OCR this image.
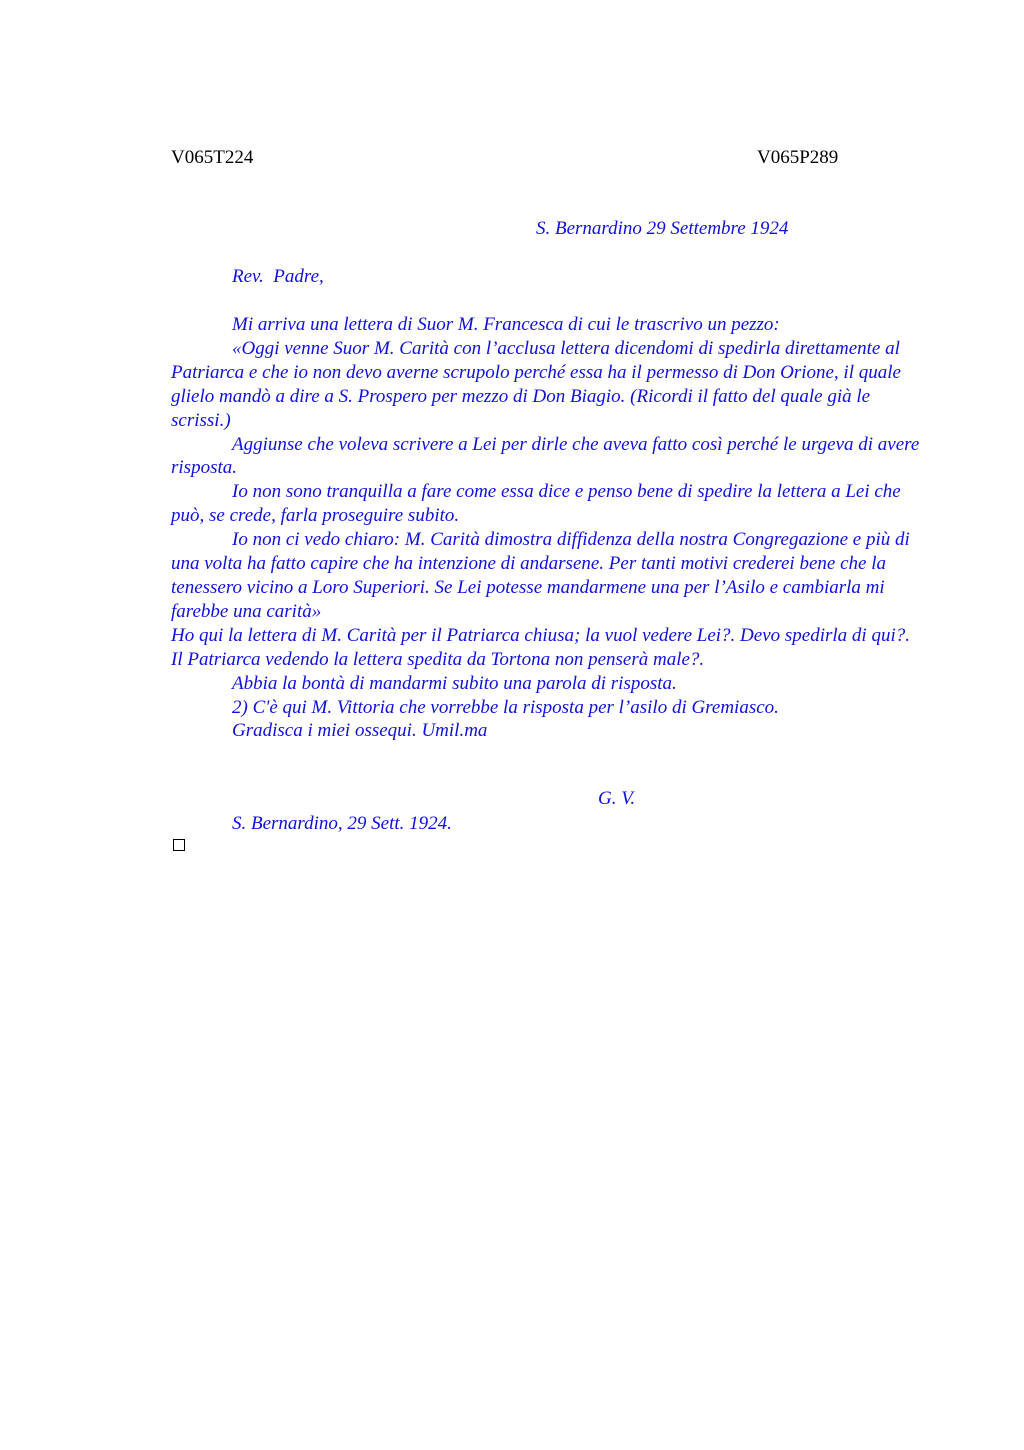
V065T224	V065P289
S. Bernardino 29 Settembre 1924
Rev.  Padre,

Mi arriva una lettera di Suor M. Francesca di cui le trascrivo un pezzo:

«Oggi venne Suor M. Carità con l’acclusa lettera dicendomi di spedirla direttamente al Patriarca e che io non devo averne scrupolo perché essa ha il permesso di Don Orione, il quale glielo mandò a dire a S. Prospero per mezzo di Don Biagio. (Ricordi il fatto del quale già le scrissi.)

Aggiunse che voleva scrivere a Lei per dirle che aveva fatto così perché le urgeva di avere risposta.

Io non sono tranquilla a fare come essa dice e penso bene di spedire la lettera a Lei che può, se crede, farla proseguire subito.

Io non ci vedo chiaro: M. Carità dimostra diffidenza della nostra Congregazione e più di una volta ha fatto capire che ha intenzione di andarsene. Per tanti motivi crederei bene che la tenessero vicino a Loro Superiori. Se Lei potesse mandarmene una per l’Asilo e cambiarla mi farebbe una carità»

Ho qui la lettera di M. Carità per il Patriarca chiusa; la vuol vedere Lei?. Devo spedirla di qui?. Il Patriarca vedendo la lettera spedita da Tortona non penserà male?.

Abbia la bontà di mandarmi subito una parola di risposta.

2) C'è qui M. Vittoria che vorrebbe la risposta per l’asilo di Gremiasco.

Gradisca i miei ossequi. Umil.ma

G. V.
S. Bernardino, 29 Sett. 1924.
